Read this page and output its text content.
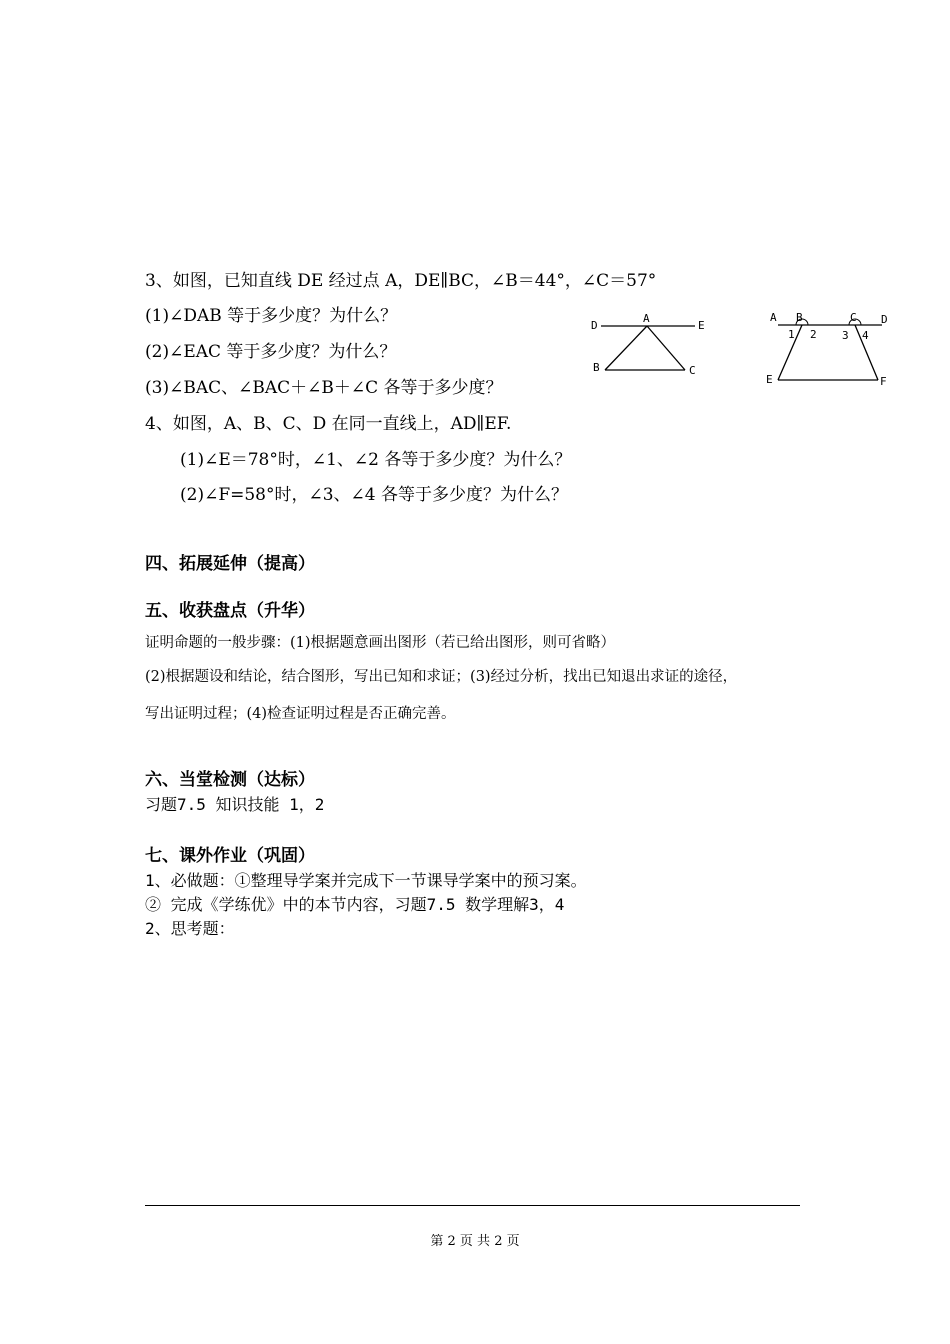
3、如图，已知直线 DE 经过点 A，DE∥BC，∠B＝44°，∠C＝57°
(1)∠DAB 等于多少度？为什么？
(2)∠EAC 等于多少度？为什么？
(3)∠BAC、∠BAC＋∠B＋∠C 各等于多少度？
4、如图，A、B、C、D 在同一直线上，AD∥EF.
(1)∠E＝78°时，∠1、∠2 各等于多少度？为什么？
(2)∠F=58°时，∠3、∠4 各等于多少度？为什么？
D
A
E
B	C
A B	C D
1 2 3 4
E	F
四、拓展延伸（提高）
五、收获盘点（升华）
证明命题的一般步骤：(1)根据题意画出图形（若已给出图形，则可省略）
(2)根据题设和结论，结合图形，写出已知和求证；(3)经过分析，找出已知退出求证的途径，
写出证明过程；(4)检查证明过程是否正确完善。
六、当堂检测（达标）
习题7.5 知识技能 1，2
七、课外作业（巩固）
1、必做题：①整理导学案并完成下一节课导学案中的预习案。
② 完成《学练优》中的本节内容，习题7.5 数学理解3，4
2、思考题：
第 2 页 共 2 页
